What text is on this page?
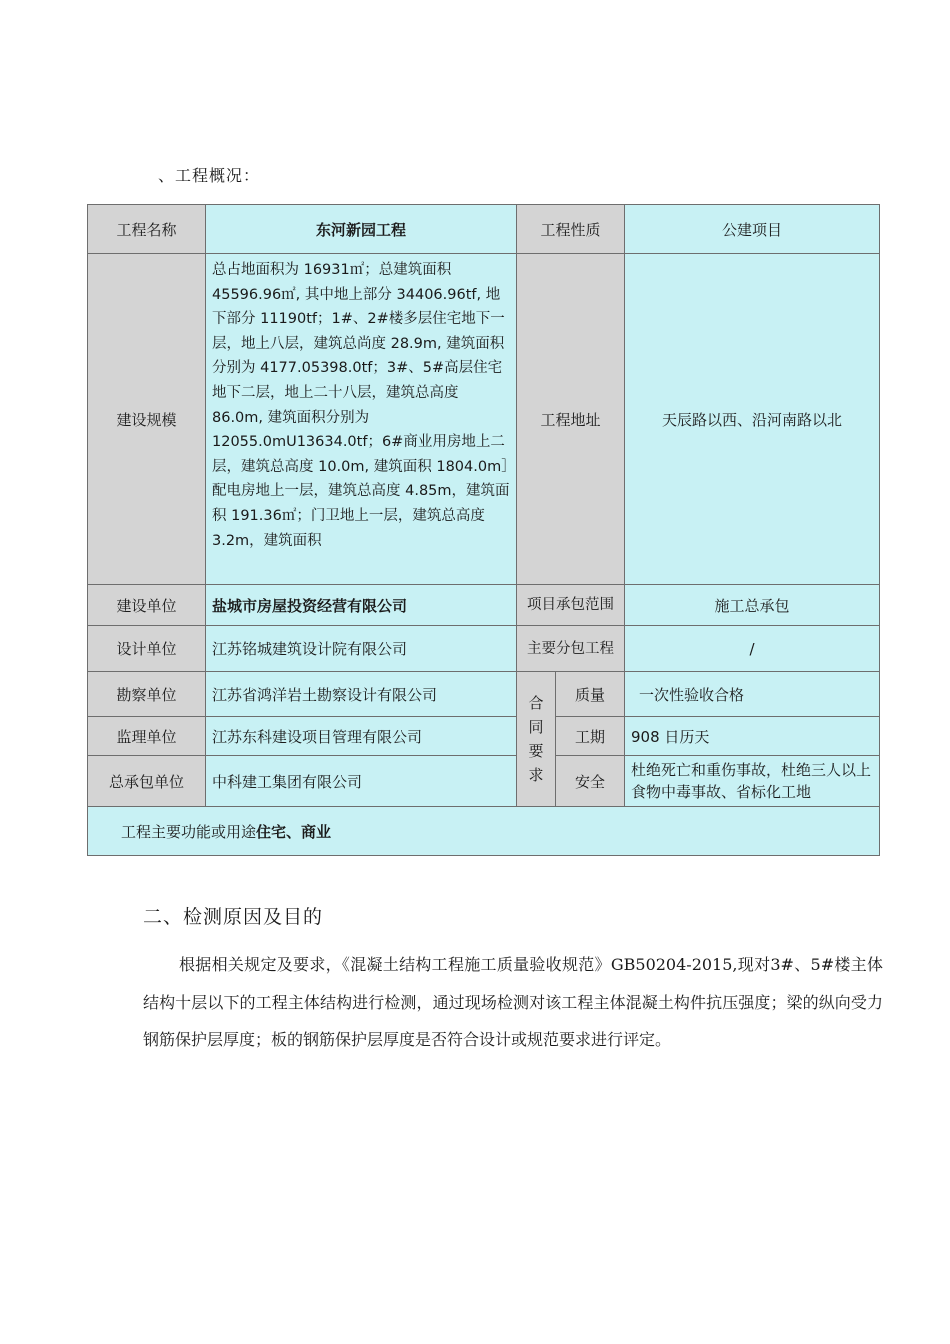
、工程概况：
工程名称	东河新园工程	工程性质		公建项目
建设规模	总占地面积为 16931㎡；总建筑面积 45596.96㎡, 其中地上部分 34406.96tf, 地下部分 11190tf；1#、2#楼多层住宅地下一层，地上八层，建筑总尚度 28.9m, 建筑面积分别为 4177.05398.0tf；3#、5#高层住宅地下二层，地上二十八层，建筑总高度 86.0m, 建筑面积分别为 12055.0mU13634.0tf；6#商业用房地上二层，建筑总高度 10.0m, 建筑面积 1804.0m］配电房地上一层，建筑总高度 4.85m，建筑面积 191.36㎡；门卫地上一层，建筑总高度 3.2m，建筑面积	工程地址		天辰路以西、沿河南路以北
建设单位	盐城市房屋投资经营有限公司	项目承包范围		施工总承包
设计单位	江苏铭城建筑设计院有限公司	主要分包工程		/
勘察单位	江苏省鸿洋岩土勘察设计有限公司	合同要求	质量	一次性验收合格
监理单位	江苏东科建设项目管理有限公司		工期	908 日历天
总承包单位	中科建工集团有限公司		安全	杜绝死亡和重伤事故，杜绝三人以上食物中毒事故、省标化工地
工程主要功能或用途住宅、商业				
二、检测原因及目的
根据相关规定及要求，《混凝土结构工程施工质量验收规范》GB50204-2015,现对3#、5#楼主体结构十层以下的工程主体结构进行检测，通过现场检测对该工程主体混凝土构件抗压强度；梁的纵向受力钢筋保护层厚度；板的钢筋保护层厚度是否符合设计或规范要求进行评定。
